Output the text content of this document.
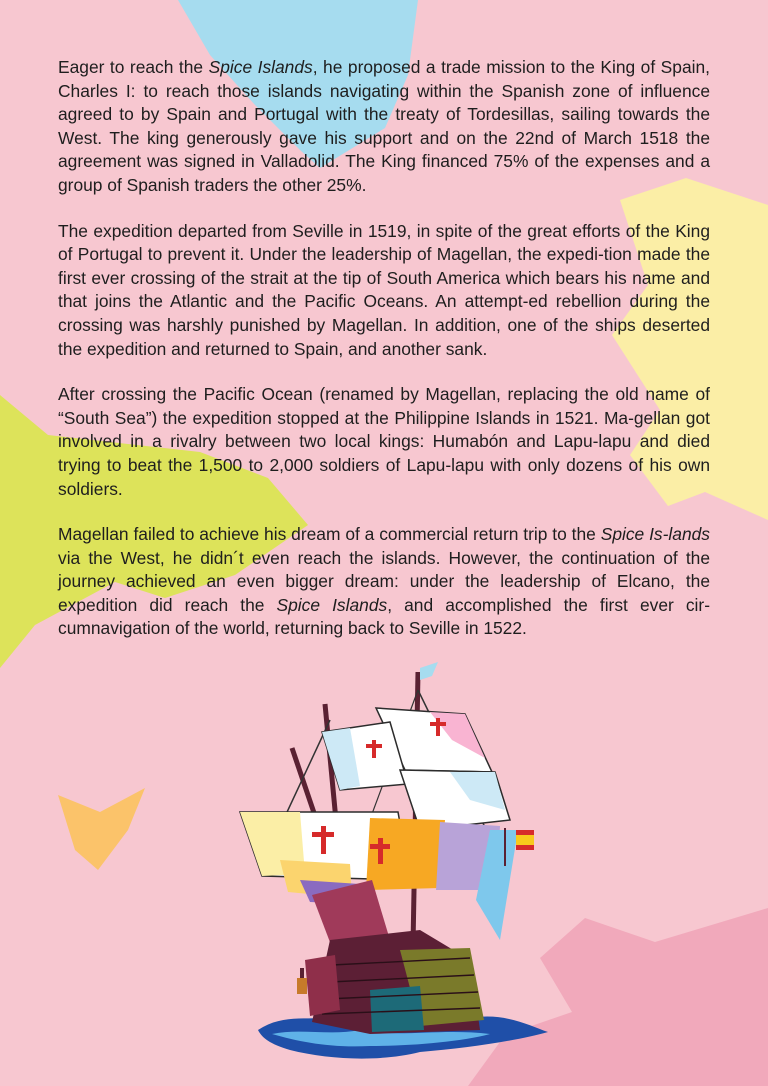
Eager to reach the Spice Islands, he proposed a trade mission to the King of Spain, Charles I: to reach those islands navigating within the Spanish zone of influence agreed to by Spain and Portugal with the treaty of Tordesillas, sailing towards the West. The king generously gave his support and on the 22nd of March 1518 the agreement was signed in Valladolid. The King financed 75% of the expenses and a group of Spanish traders the other 25%.

The expedition departed from Seville in 1519, in spite of the great efforts of the King of Portugal to prevent it. Under the leadership of Magellan, the expedi-tion made the first ever crossing of the strait at the tip of South America which bears his name and that joins the Atlantic and the Pacific Oceans. An attempt-ed rebellion during the crossing was harshly punished by Magellan. In addition, one of the ships deserted the expedition and returned to Spain, and another sank.

After crossing the Pacific Ocean (renamed by Magellan, replacing the old name of “South Sea”) the expedition stopped at the Philippine Islands in 1521. Ma-gellan got involved in a rivalry between two local kings: Humabón and Lapu-lapu and died trying to beat the 1,500 to 2,000 soldiers of Lapu-lapu with only dozens of his own soldiers.

Magellan failed to achieve his dream of a commercial return trip to the Spice Is-lands via the West, he didn´t even reach the islands. However, the continuation of the journey achieved an even bigger dream: under the leadership of Elcano, the expedition did reach the Spice Islands, and accomplished the first ever cir-cumnavigation of the world, returning back to Seville in 1522.
